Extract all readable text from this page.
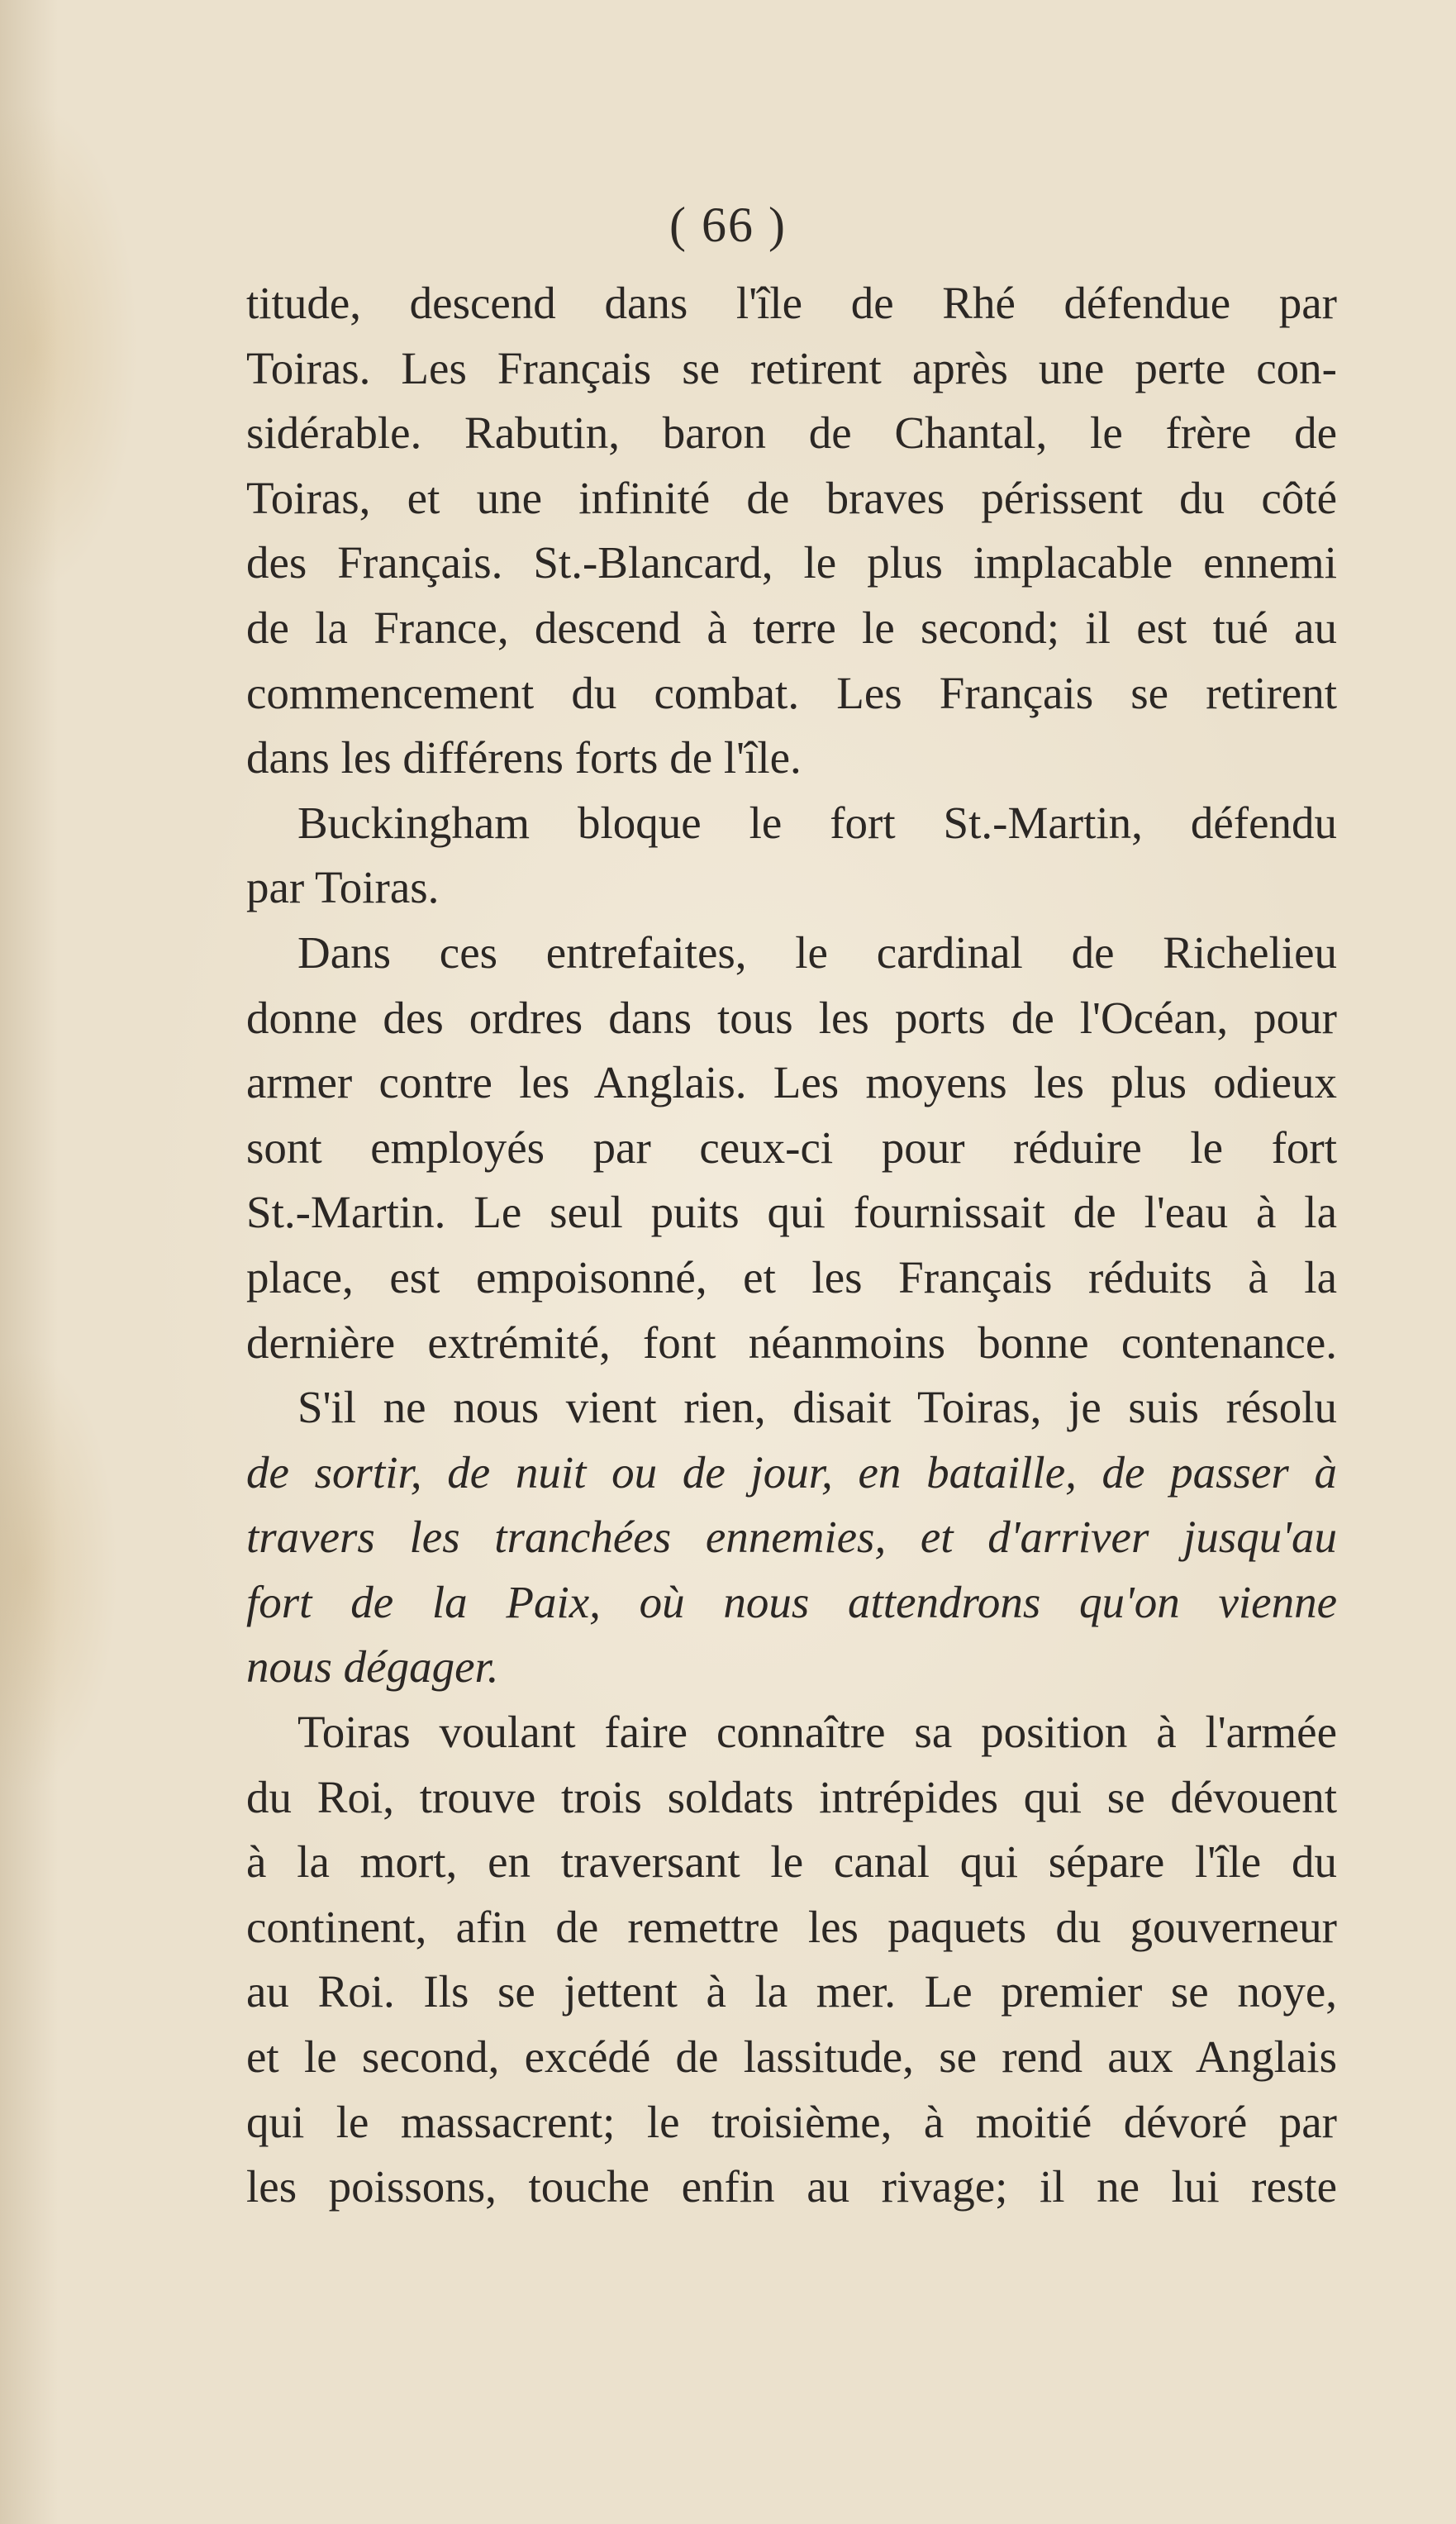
( 66 )
titude, descend dans l'île de Rhé défendue par
Toiras. Les Français se retirent après une perte con-
sidérable. Rabutin, baron de Chantal, le frère de
Toiras, et une infinité de braves périssent du côté
des Français. St.-Blancard, le plus implacable ennemi
de la France, descend à terre le second; il est tué au
commencement du combat. Les Français se retirent
dans les différens forts de l'île.
Buckingham bloque le fort St.-Martin, défendu
par Toiras.
Dans ces entrefaites, le cardinal de Richelieu
donne des ordres dans tous les ports de l'Océan, pour
armer contre les Anglais. Les moyens les plus odieux
sont employés par ceux-ci pour réduire le fort
St.-Martin. Le seul puits qui fournissait de l'eau à la
place, est empoisonné, et les Français réduits à la
dernière extrémité, font néanmoins bonne contenance.
S'il ne nous vient rien, disait Toiras, je suis résolu
de sortir, de nuit ou de jour, en bataille, de passer à
travers les tranchées ennemies, et d'arriver jusqu'au
fort de la Paix, où nous attendrons qu'on vienne
nous dégager.
Toiras voulant faire connaître sa position à l'armée
du Roi, trouve trois soldats intrépides qui se dévouent
à la mort, en traversant le canal qui sépare l'île du
continent, afin de remettre les paquets du gouverneur
au Roi. Ils se jettent à la mer. Le premier se noye,
et le second, excédé de lassitude, se rend aux Anglais
qui le massacrent; le troisième, à moitié dévoré par
les poissons, touche enfin au rivage; il ne lui reste
